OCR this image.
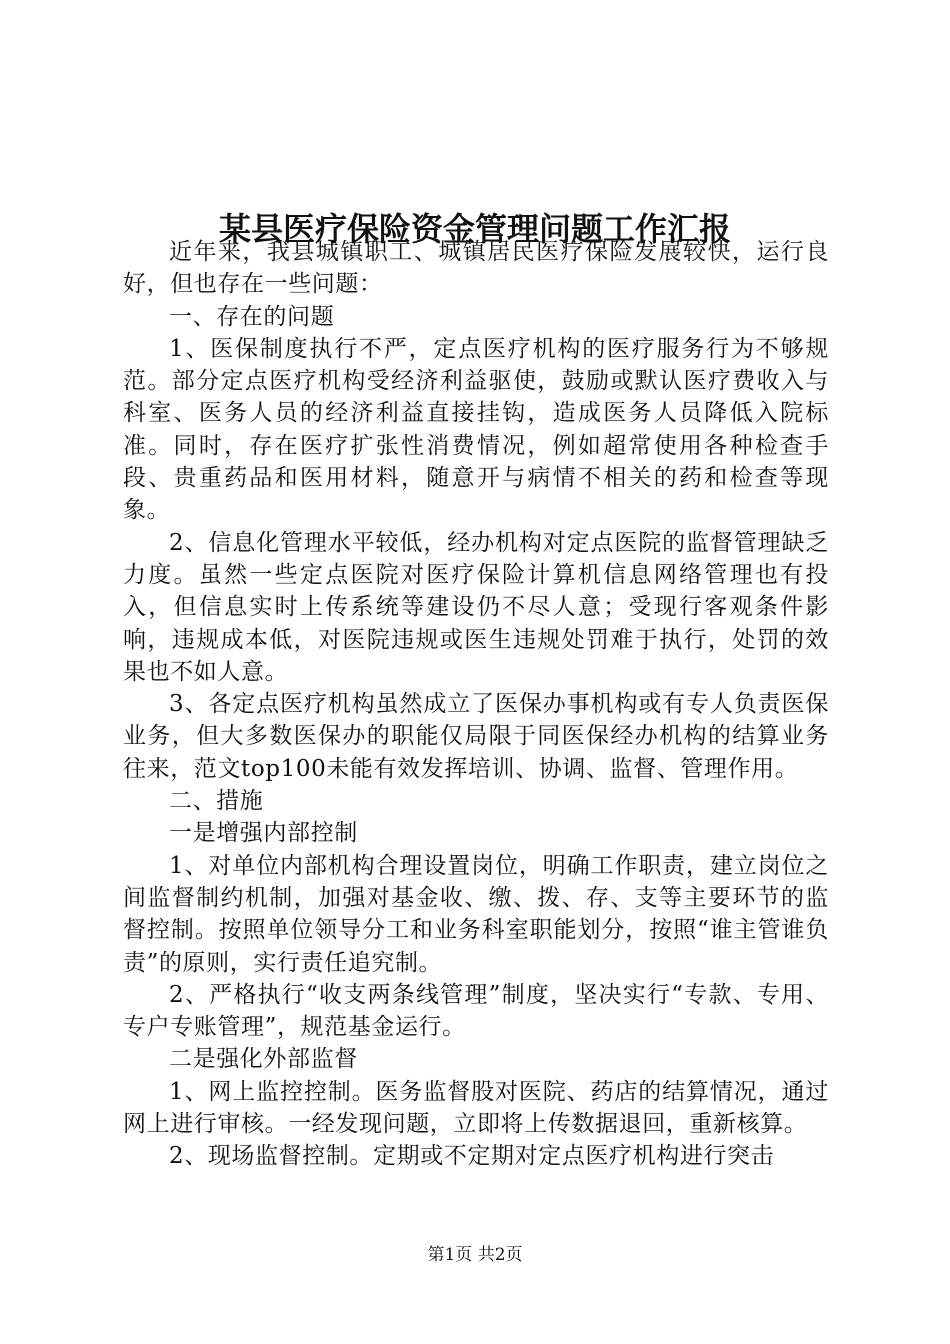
某县医疗保险资金管理问题工作汇报

近年来，我县城镇职工、城镇居民医疗保险发展较快，运行良好，但也存在一些问题：

一、存在的问题

1、医保制度执行不严，定点医疗机构的医疗服务行为不够规范。部分定点医疗机构受经济利益驱使，鼓励或默认医疗费收入与科室、医务人员的经济利益直接挂钩，造成医务人员降低入院标准。同时，存在医疗扩张性消费情况，例如超常使用各种检查手段、贵重药品和医用材料，随意开与病情不相关的药和检查等现象。

2、信息化管理水平较低，经办机构对定点医院的监督管理缺乏力度。虽然一些定点医院对医疗保险计算机信息网络管理也有投入，但信息实时上传系统等建设仍不尽人意；受现行客观条件影响，违规成本低，对医院违规或医生违规处罚难于执行，处罚的效果也不如人意。

3、各定点医疗机构虽然成立了医保办事机构或有专人负责医保业务，但大多数医保办的职能仅局限于同医保经办机构的结算业务往来，范文top100未能有效发挥培训、协调、监督、管理作用。

二、措施

一是增强内部控制

1、对单位内部机构合理设置岗位，明确工作职责，建立岗位之间监督制约机制，加强对基金收、缴、拨、存、支等主要环节的监督控制。按照单位领导分工和业务科室职能划分，按照“谁主管谁负责”的原则，实行责任追究制。

2、严格执行“收支两条线管理”制度，坚决实行“专款、专用、专户专账管理”，规范基金运行。

二是强化外部监督

1、网上监控控制。医务监督股对医院、药店的结算情况，通过网上进行审核。一经发现问题，立即将上传数据退回，重新核算。

2、现场监督控制。定期或不定期对定点医疗机构进行突击

第1页 共2页
